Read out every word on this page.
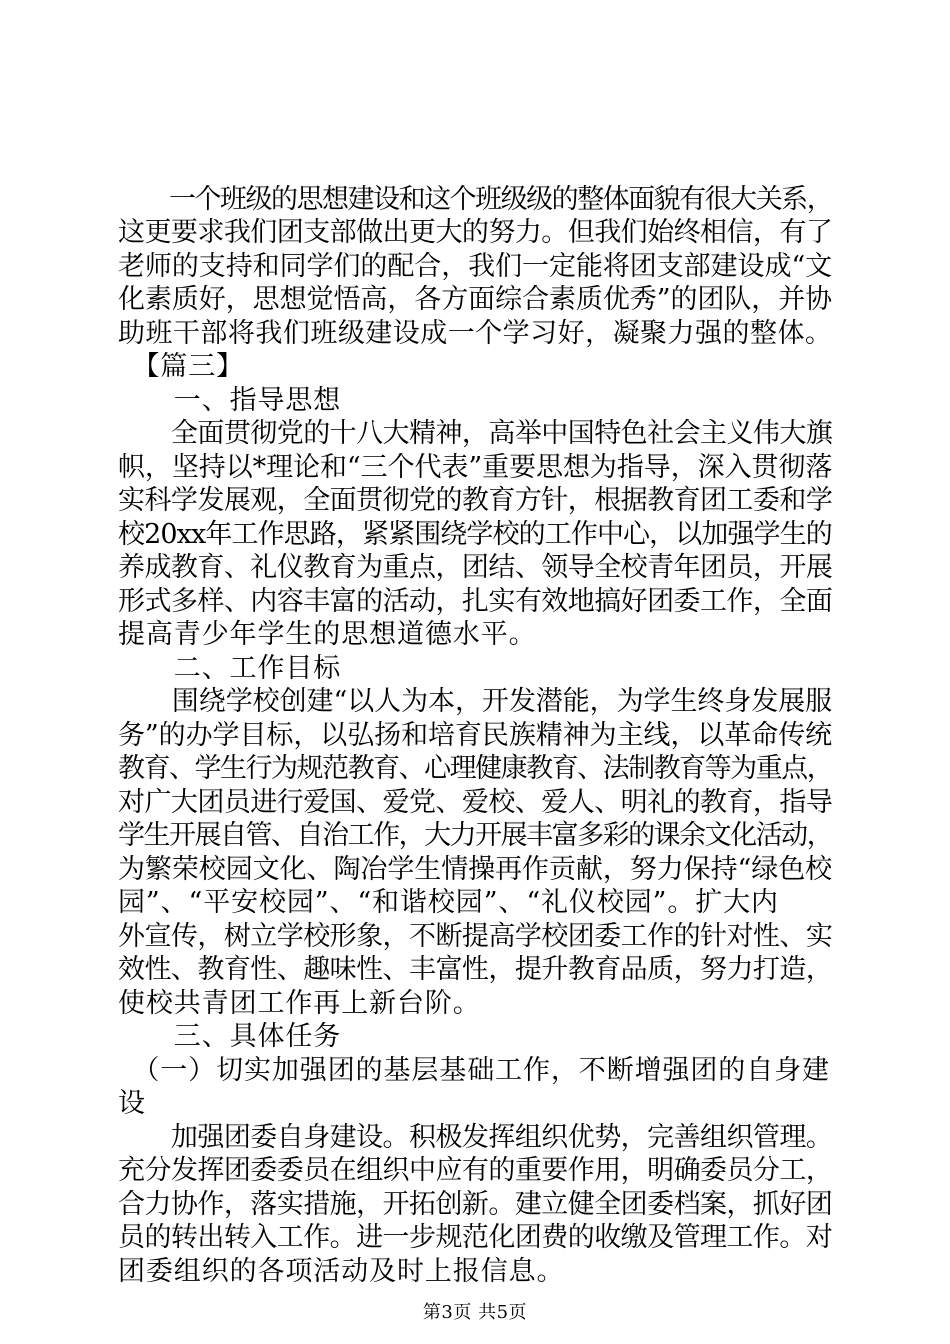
　　一个班级的思想建设和这个班级级的整体面貌有很大关系，
这更要求我们团支部做出更大的努力。但我们始终相信，有了
老师的支持和同学们的配合，我们一定能将团支部建设成“文
化素质好，思想觉悟高，各方面综合素质优秀”的团队，并协
助班干部将我们班级建设成一个学习好，凝聚力强的整体。
　【篇三】
　　一、指导思想
　　全面贯彻党的十八大精神，高举中国特色社会主义伟大旗
帜，坚持以*理论和“三个代表”重要思想为指导，深入贯彻落
实科学发展观，全面贯彻党的教育方针，根据教育团工委和学
校20xx年工作思路，紧紧围绕学校的工作中心，以加强学生的
养成教育、礼仪教育为重点，团结、领导全校青年团员，开展
形式多样、内容丰富的活动，扎实有效地搞好团委工作，全面
提高青少年学生的思想道德水平。
　　二、工作目标
　　围绕学校创建“以人为本，开发潜能，为学生终身发展服
务”的办学目标，以弘扬和培育民族精神为主线，以革命传统
教育、学生行为规范教育、心理健康教育、法制教育等为重点，
对广大团员进行爱国、爱党、爱校、爱人、明礼的教育，指导
学生开展自管、自治工作，大力开展丰富多彩的课余文化活动，
为繁荣校园文化、陶冶学生情操再作贡献，努力保持“绿色校
园”、“平安校园”、“和谐校园”、“礼仪校园”。扩大内
外宣传，树立学校形象，不断提高学校团委工作的针对性、实
效性、教育性、趣味性、丰富性，提升教育品质，努力打造，
使校共青团工作再上新台阶。
　　三、具体任务
　（一）切实加强团的基层基础工作，不断增强团的自身建
设
　　加强团委自身建设。积极发挥组织优势，完善组织管理。
充分发挥团委委员在组织中应有的重要作用，明确委员分工，
合力协作，落实措施，开拓创新。建立健全团委档案，抓好团
员的转出转入工作。进一步规范化团费的收缴及管理工作。对
团委组织的各项活动及时上报信息。
第3页 共5页
